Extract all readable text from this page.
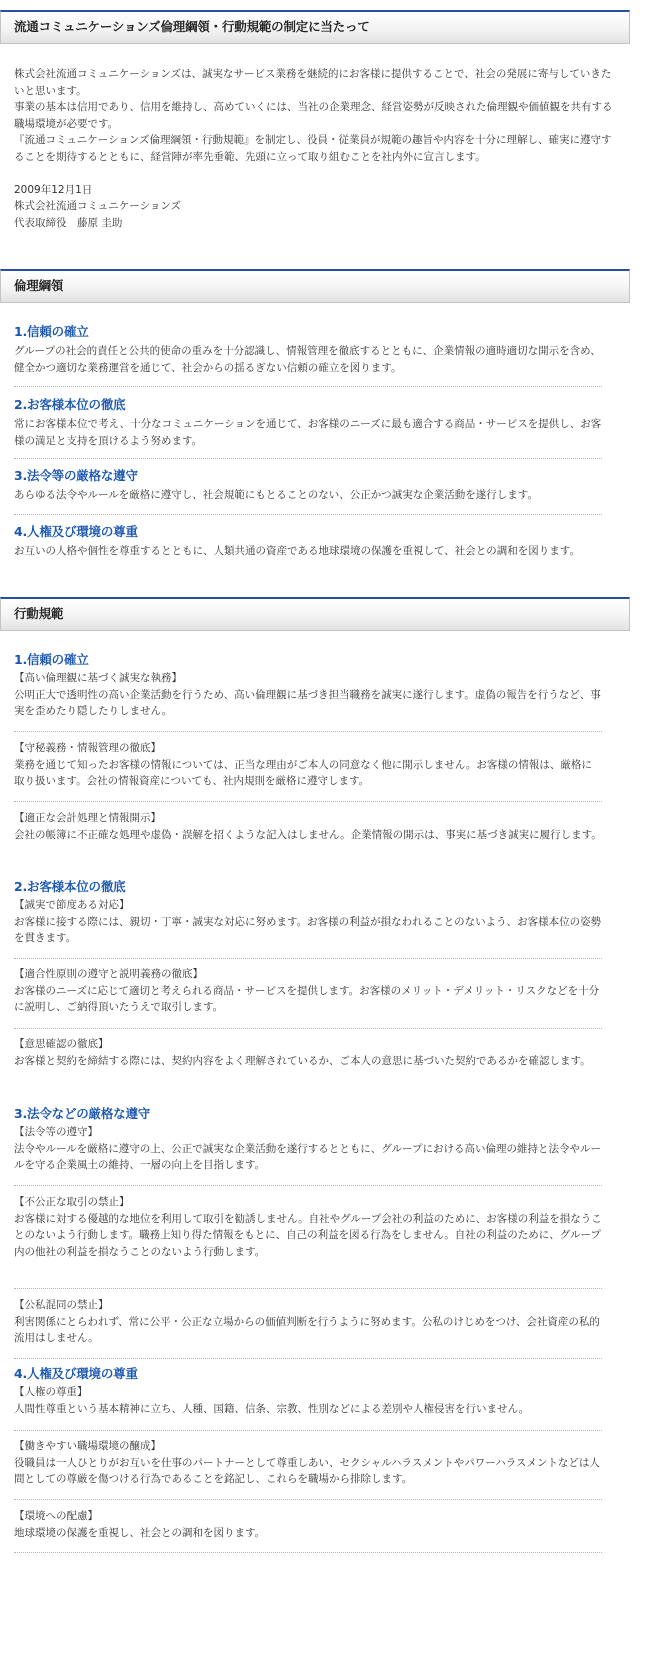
流通コミュニケーションズ倫理綱領・行動規範の制定に当たって

株式会社流通コミュニケーションズは、誠実なサービス業務を継続的にお客様に提供することで、社会の発展に寄与していきたいと思います。

事業の基本は信用であり、信用を維持し、高めていくには、当社の企業理念、経営姿勢が反映された倫理観や価値観を共有する職場環境が必要です。

『流通コミュニケーションズ倫理綱領・行動規範』を制定し、役員・従業員が規範の趣旨や内容を十分に理解し、確実に遵守することを期待するとともに、経営陣が率先垂範、先頭に立って取り組むことを社内外に宣言します。

2009年12月1日

株式会社流通コミュニケーションズ

代表取締役　藤原 圭助

倫理綱領
1.信頼の確立

グループの社会的責任と公共的使命の重みを十分認識し、情報管理を徹底するとともに、企業情報の適時適切な開示を含め、健全かつ適切な業務運営を通じて、社会からの揺るぎない信頼の確立を図ります。

2.お客様本位の徹底

常にお客様本位で考え、十分なコミュニケーションを通じて、お客様のニーズに最も適合する商品・サービスを提供し、お客様の満足と支持を頂けるよう努めます。

3.法令等の厳格な遵守

あらゆる法令やルールを厳格に遵守し、社会規範にもとることのない、公正かつ誠実な企業活動を遂行します。

4.人権及び環境の尊重

お互いの人格や個性を尊重するとともに、人類共通の資産である地球環境の保護を重視して、社会との調和を図ります。

行動規範
1.信頼の確立

【高い倫理観に基づく誠実な執務】

公明正大で透明性の高い企業活動を行うため、高い倫理観に基づき担当職務を誠実に遂行します。虚偽の報告を行うなど、事実を歪めたり隠したりしません。

【守秘義務・情報管理の徹底】

業務を通じて知ったお客様の情報については、正当な理由がご本人の同意なく他に開示しません。お客様の情報は、厳格に取り扱います。会社の情報資産についても、社内規則を厳格に遵守します。

【適正な会計処理と情報開示】

会社の帳簿に不正確な処理や虚偽・誤解を招くような記入はしません。企業情報の開示は、事実に基づき誠実に履行します。

2.お客様本位の徹底

【誠実で節度ある対応】

お客様に接する際には、親切・丁寧・誠実な対応に努めます。お客様の利益が損なわれることのないよう、お客様本位の姿勢を貫きます。

【適合性原則の遵守と説明義務の徹底】

お客様のニーズに応じて適切と考えられる商品・サービスを提供します。お客様のメリット・デメリット・リスクなどを十分に説明し、ご納得頂いたうえで取引します。

【意思確認の徹底】

お客様と契約を締結する際には、契約内容をよく理解されているか、ご本人の意思に基づいた契約であるかを確認します。

3.法令などの厳格な遵守

【法令等の遵守】

法令やルールを厳格に遵守の上、公正で誠実な企業活動を遂行するとともに、グループにおける高い倫理の維持と法令やルールを守る企業風土の維持、一層の向上を目指します。

【不公正な取引の禁止】

お客様に対する優越的な地位を利用して取引を勧誘しません。自社やグループ会社の利益のために、お客様の利益を損なうことのないよう行動します。職務上知り得た情報をもとに、自己の利益を図る行為をしません。自社の利益のために、グループ内の他社の利益を損なうことのないよう行動します。

【公私混同の禁止】

利害関係にとらわれず、常に公平・公正な立場からの価値判断を行うように努めます。公私のけじめをつけ、会社資産の私的流用はしません。

4.人権及び環境の尊重

【人権の尊重】

人間性尊重という基本精神に立ち、人種、国籍、信条、宗教、性別などによる差別や人権侵害を行いません。

【働きやすい職場環境の醸成】

役職員は一人ひとりがお互いを仕事のパートナーとして尊重しあい、セクシャルハラスメントやパワーハラスメントなどは人間としての尊厳を傷つける行為であることを銘記し、これらを職場から排除します。

【環境への配慮】

地球環境の保護を重視し、社会との調和を図ります。
